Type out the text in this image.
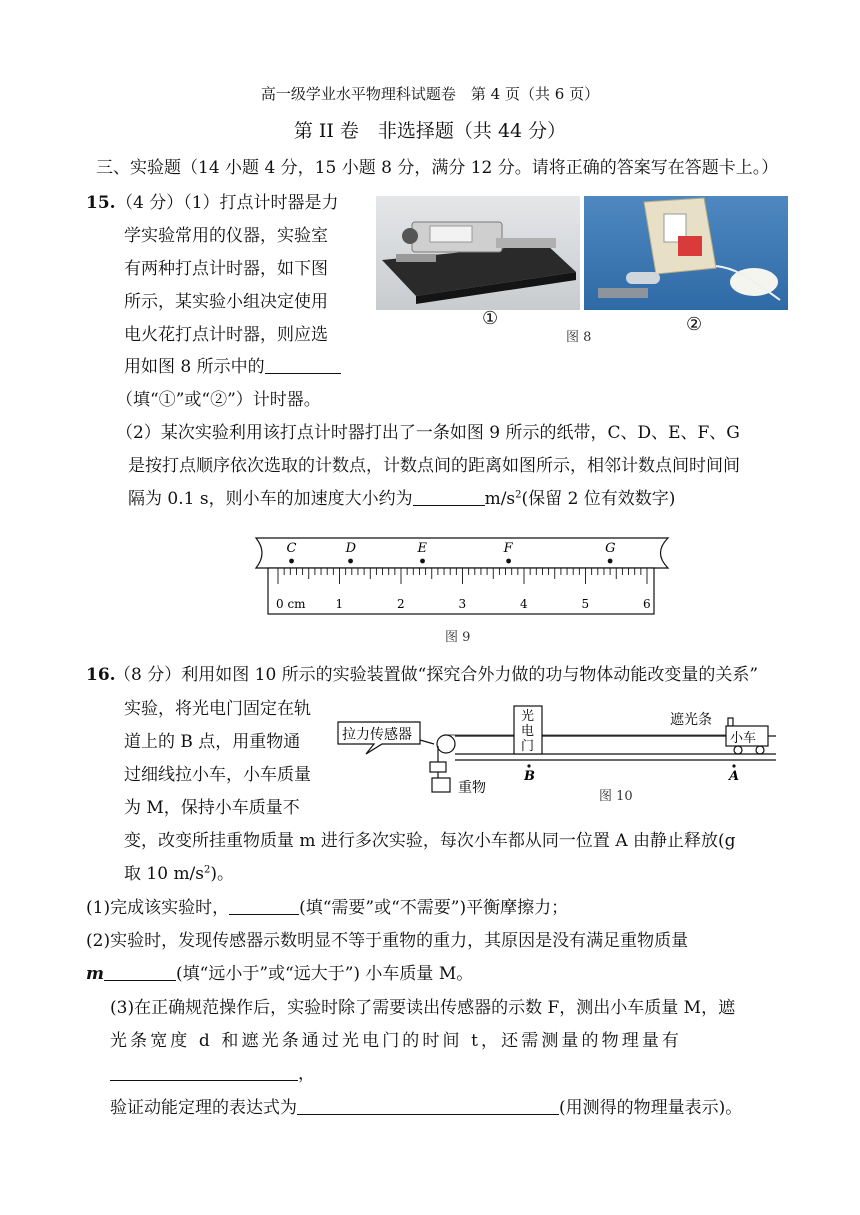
高一级学业水平物理科试题卷　第 4 页（共 6 页）
第 II 卷　非选择题（共 44 分）
三、实验题（14 小题 4 分，15 小题 8 分，满分 12 分。请将正确的答案写在答题卡上。）
15. （4 分）（1）打点计时器是力
学实验常用的仪器，实验室
有两种打点计时器，如下图
所示，某实验小组决定使用
电火花打点计时器，则应选
用如图 8 所示中的
（填“①”或“②”）计时器。
①
图 8
②
（2）某次实验利用该打点计时器打出了一条如图 9 所示的纸带，C、D、E、F、G
是按打点顺序依次选取的计数点，计数点间的距离如图所示，相邻计数点间时间间
隔为 0.1 s，则小车的加速度大小约为	$m/s^2$(保留 2 位有效数字)
C	D	E	F	G
0 cm 1	2	3	4	5	6
图 9
16.
（8 分）利用如图 10 所示的实验装置做“探究合外力做的功与物体动能改变量的关系”
实验，将光电门固定在轨
道上的 B 点，用重物通
过细线拉小车，小车质量
为 M，保持小车质量不
变，改变所挂重物质量 m 进行多次实验，每次小车都从同一位置 A 由静止释放(g
取 10 $m/s^2$)。
拉力传感器
光
电
门
遮光条
小车
重物
B	A
图 10
(1)完成该实验时，	(填“需要”或“不需要”)平衡摩擦力；
(2)实验时，发现传感器示数明显不等于重物的重力，其原因是没有满足重物质量
m	(填“远小于”或“远大于”) 小车质量 M。
(3)在正确规范操作后，实验时除了需要读出传感器的示数 F，测出小车质量 M，遮
光条宽度 d 和遮光条通过光电门的时间 t，还需测量的物理量有
，
验证动能定理的表达式为	(用测得的物理量表示)。
